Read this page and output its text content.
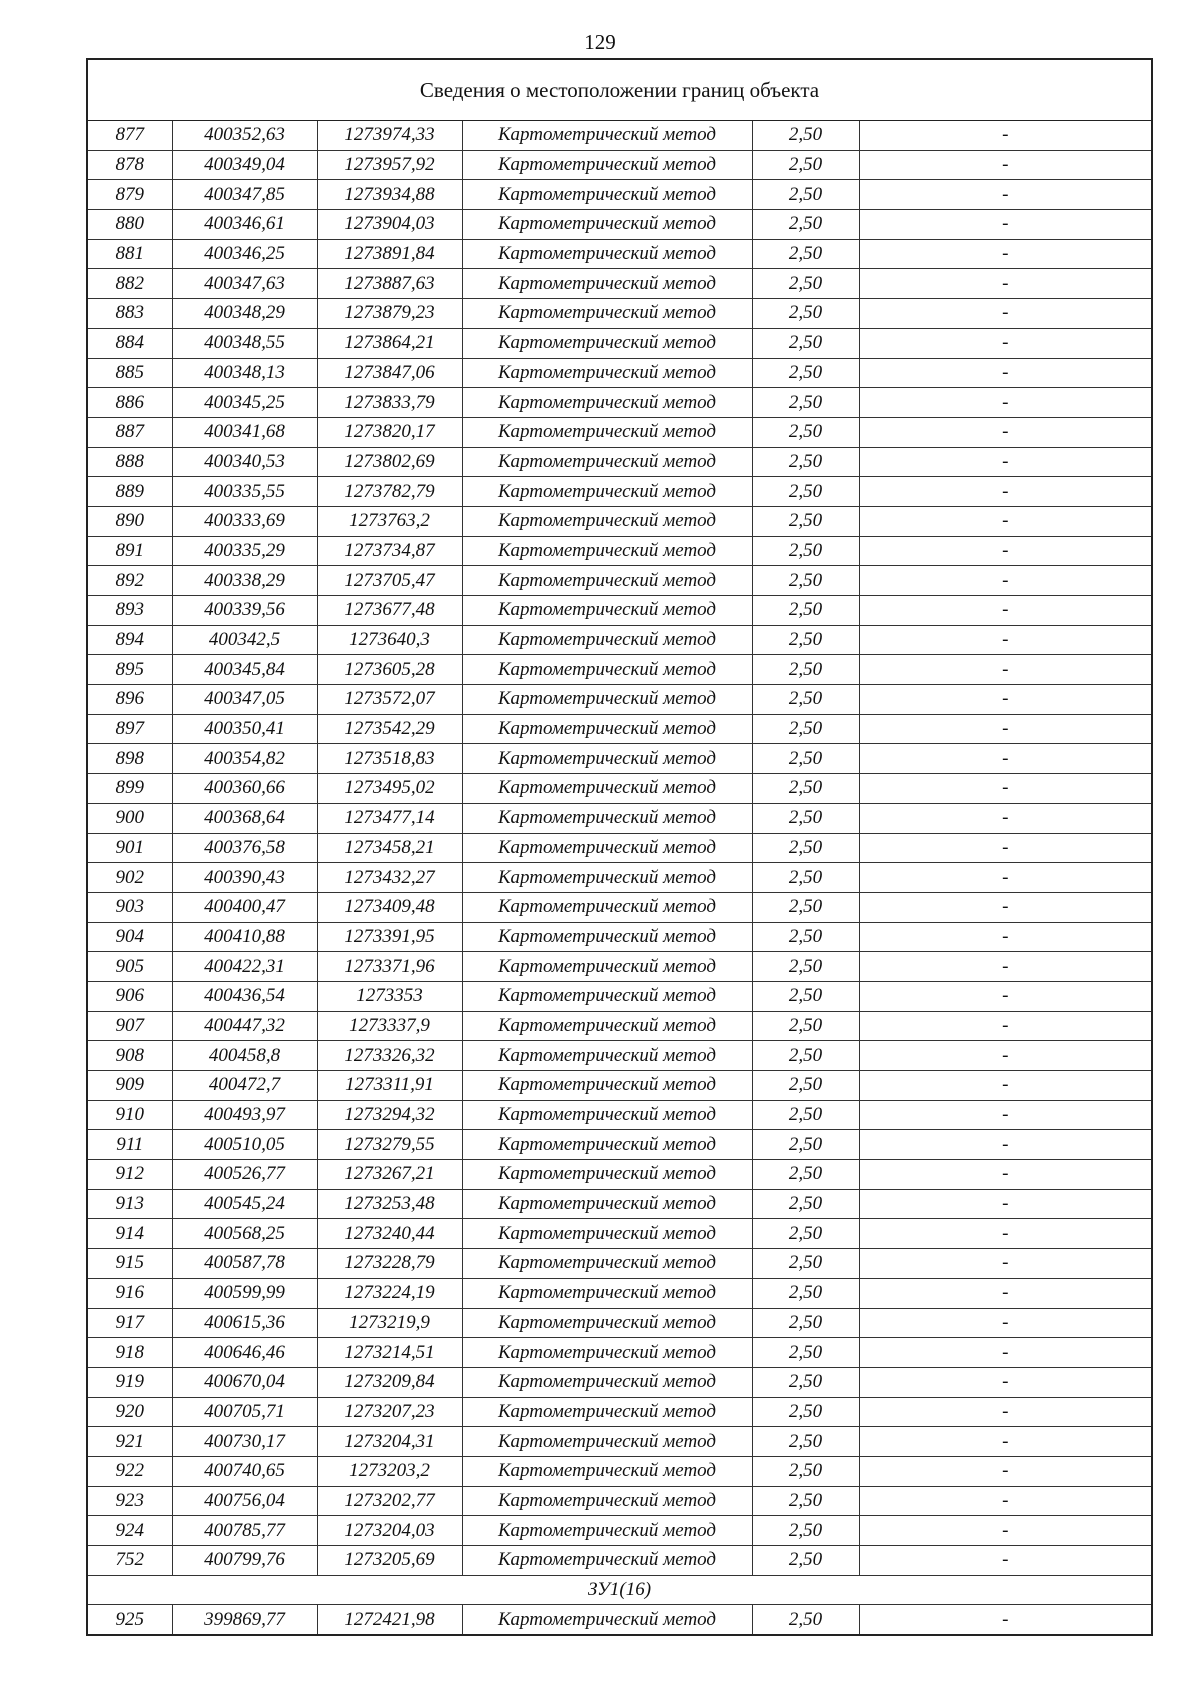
129
Сведения о местоположении границ объекта
877	400352,63	1273974,33	Картометрический метод	2,50	-
878	400349,04	1273957,92	Картометрический метод	2,50	-
879	400347,85	1273934,88	Картометрический метод	2,50	-
880	400346,61	1273904,03	Картометрический метод	2,50	-
881	400346,25	1273891,84	Картометрический метод	2,50	-
882	400347,63	1273887,63	Картометрический метод	2,50	-
883	400348,29	1273879,23	Картометрический метод	2,50	-
884	400348,55	1273864,21	Картометрический метод	2,50	-
885	400348,13	1273847,06	Картометрический метод	2,50	-
886	400345,25	1273833,79	Картометрический метод	2,50	-
887	400341,68	1273820,17	Картометрический метод	2,50	-
888	400340,53	1273802,69	Картометрический метод	2,50	-
889	400335,55	1273782,79	Картометрический метод	2,50	-
890	400333,69	1273763,2	Картометрический метод	2,50	-
891	400335,29	1273734,87	Картометрический метод	2,50	-
892	400338,29	1273705,47	Картометрический метод	2,50	-
893	400339,56	1273677,48	Картометрический метод	2,50	-
894	400342,5	1273640,3	Картометрический метод	2,50	-
895	400345,84	1273605,28	Картометрический метод	2,50	-
896	400347,05	1273572,07	Картометрический метод	2,50	-
897	400350,41	1273542,29	Картометрический метод	2,50	-
898	400354,82	1273518,83	Картометрический метод	2,50	-
899	400360,66	1273495,02	Картометрический метод	2,50	-
900	400368,64	1273477,14	Картометрический метод	2,50	-
901	400376,58	1273458,21	Картометрический метод	2,50	-
902	400390,43	1273432,27	Картометрический метод	2,50	-
903	400400,47	1273409,48	Картометрический метод	2,50	-
904	400410,88	1273391,95	Картометрический метод	2,50	-
905	400422,31	1273371,96	Картометрический метод	2,50	-
906	400436,54	1273353	Картометрический метод	2,50	-
907	400447,32	1273337,9	Картометрический метод	2,50	-
908	400458,8	1273326,32	Картометрический метод	2,50	-
909	400472,7	1273311,91	Картометрический метод	2,50	-
910	400493,97	1273294,32	Картометрический метод	2,50	-
911	400510,05	1273279,55	Картометрический метод	2,50	-
912	400526,77	1273267,21	Картометрический метод	2,50	-
913	400545,24	1273253,48	Картометрический метод	2,50	-
914	400568,25	1273240,44	Картометрический метод	2,50	-
915	400587,78	1273228,79	Картометрический метод	2,50	-
916	400599,99	1273224,19	Картометрический метод	2,50	-
917	400615,36	1273219,9	Картометрический метод	2,50	-
918	400646,46	1273214,51	Картометрический метод	2,50	-
919	400670,04	1273209,84	Картометрический метод	2,50	-
920	400705,71	1273207,23	Картометрический метод	2,50	-
921	400730,17	1273204,31	Картометрический метод	2,50	-
922	400740,65	1273203,2	Картометрический метод	2,50	-
923	400756,04	1273202,77	Картометрический метод	2,50	-
924	400785,77	1273204,03	Картометрический метод	2,50	-
752	400799,76	1273205,69	Картометрический метод	2,50	-
ЗУ1(16)					
925	399869,77	1272421,98	Картометрический метод	2,50	-
